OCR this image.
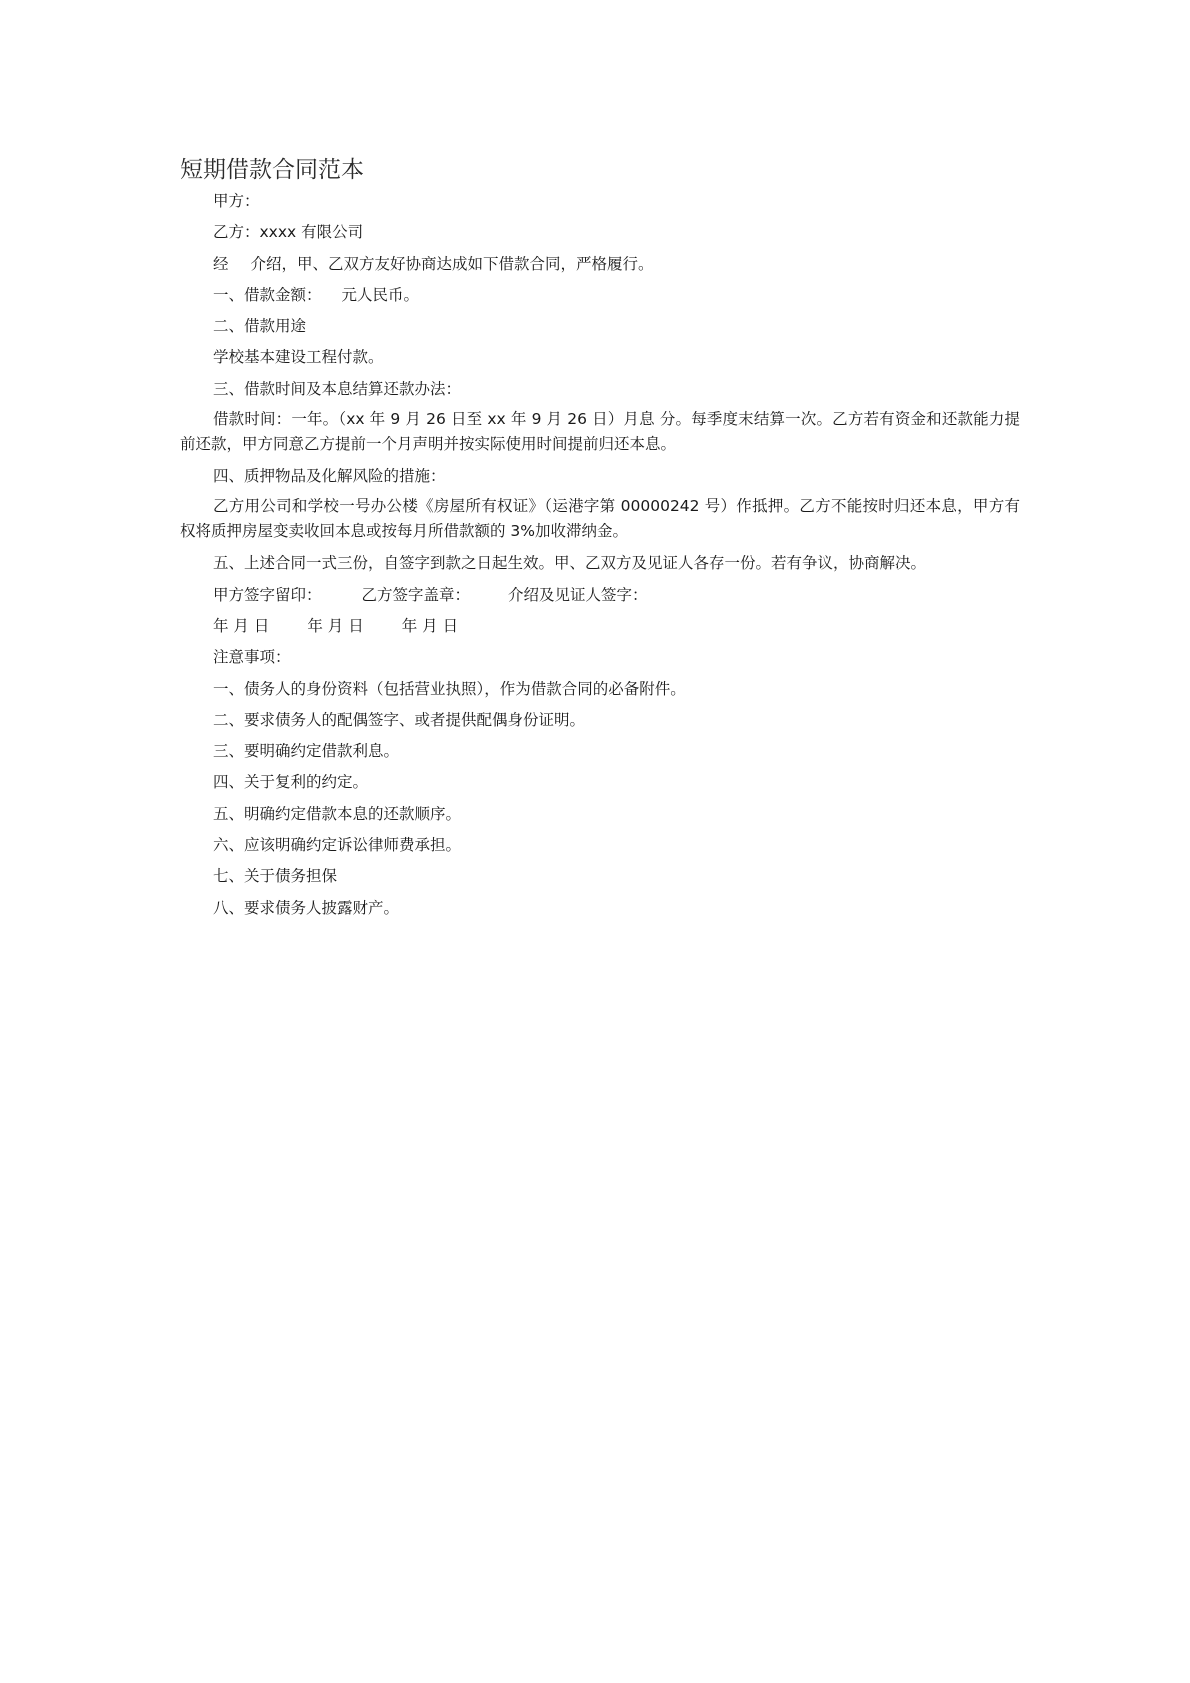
短期借款合同范本

甲方：

乙方：xxxx 有限公司

经 介绍，甲、乙双方友好协商达成如下借款合同，严格履行。

一、借款金额： 元人民币。

二、借款用途

学校基本建设工程付款。

三、借款时间及本息结算还款办法：

借款时间：一年。（xx 年 9 月 26 日至 xx 年 9 月 26 日）月息 分。每季度末结算一次。乙方若有资金和还款能力提前还款，甲方同意乙方提前一个月声明并按实际使用时间提前归还本息。

四、质押物品及化解风险的措施：

乙方用公司和学校一号办公楼《房屋所有权证》（运港字第 00000242 号）作抵押。乙方不能按时归还本息，甲方有权将质押房屋变卖收回本息或按每月所借款额的 3%加收滞纳金。

五、上述合同一式三份，自签字到款之日起生效。甲、乙双方及见证人各存一份。若有争议，协商解决。

甲方签字留印：	乙方签字盖章： 介绍及见证人签字：
年 月 日 年 月 日 年 月 日

注意事项：

一、债务人的身份资料（包括营业执照），作为借款合同的必备附件。

二、要求债务人的配偶签字、或者提供配偶身份证明。

三、要明确约定借款利息。

四、关于复利的约定。

五、明确约定借款本息的还款顺序。

六、应该明确约定诉讼律师费承担。

七、关于债务担保

八、要求债务人披露财产。
